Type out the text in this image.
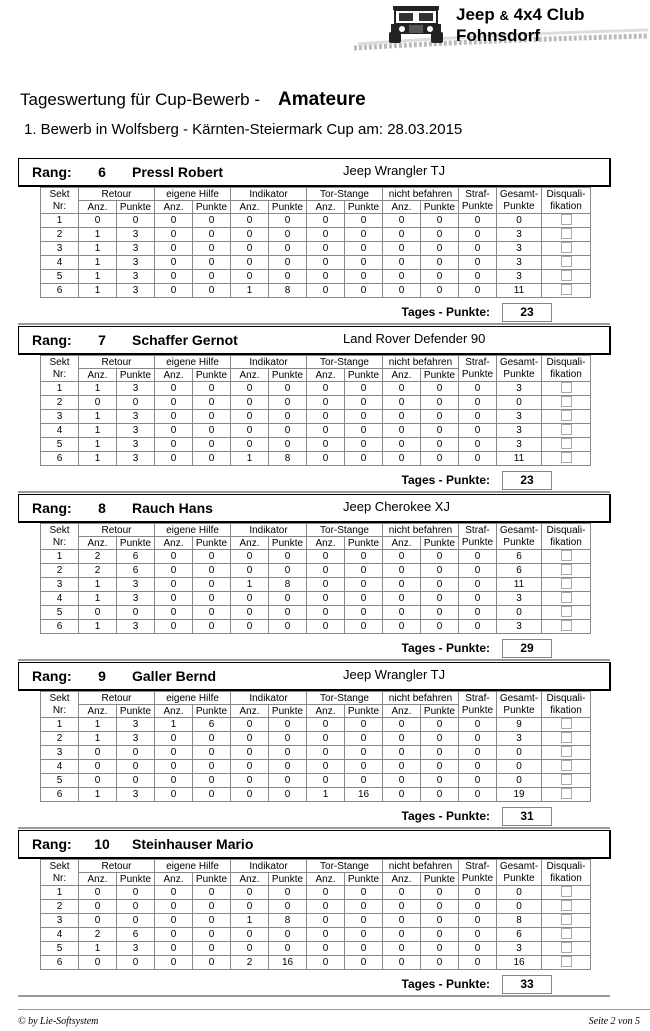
Jeep & 4x4 Club
Fohnsdorf
Tageswertung für Cup-Bewerb - Amateure
1. Bewerb in Wolfsberg - Kärnten-Steiermark Cup am: 28.03.2015
Rang:	6	Pressl Robert	Jeep Wrangler TJ
Sekt	Retour		eigene Hilfe		Indikator		Tor-Stange		nicht befahren		Straf-	Gesamt-	Disquali-
Nr:	Anz.	Punkte	Anz.	Punkte	Anz.	Punkte	Anz.	Punkte	Anz.	Punkte	Punkte	Punkte	fikation
1	0	0	0	0	0	0	0	0	0	0	0	0	
2	1	3	0	0	0	0	0	0	0	0	0	3	
3	1	3	0	0	0	0	0	0	0	0	0	3	
4	1	3	0	0	0	0	0	0	0	0	0	3	
5	1	3	0	0	0	0	0	0	0	0	0	3	
6	1	3	0	0	1	8	0	0	0	0	0	11	
Tages - Punkte:	23
Rang:	7	Schaffer Gernot	Land Rover Defender 90
Sekt	Retour		eigene Hilfe		Indikator		Tor-Stange		nicht befahren		Straf-	Gesamt-	Disquali-
Nr:	Anz.	Punkte	Anz.	Punkte	Anz.	Punkte	Anz.	Punkte	Anz.	Punkte	Punkte	Punkte	fikation
1	1	3	0	0	0	0	0	0	0	0	0	3	
2	0	0	0	0	0	0	0	0	0	0	0	0	
3	1	3	0	0	0	0	0	0	0	0	0	3	
4	1	3	0	0	0	0	0	0	0	0	0	3	
5	1	3	0	0	0	0	0	0	0	0	0	3	
6	1	3	0	0	1	8	0	0	0	0	0	11	
Tages - Punkte:	23
Rang:	8	Rauch Hans	Jeep Cherokee XJ
Sekt	Retour		eigene Hilfe		Indikator		Tor-Stange		nicht befahren		Straf-	Gesamt-	Disquali-
Nr:	Anz.	Punkte	Anz.	Punkte	Anz.	Punkte	Anz.	Punkte	Anz.	Punkte	Punkte	Punkte	fikation
1	2	6	0	0	0	0	0	0	0	0	0	6	
2	2	6	0	0	0	0	0	0	0	0	0	6	
3	1	3	0	0	1	8	0	0	0	0	0	11	
4	1	3	0	0	0	0	0	0	0	0	0	3	
5	0	0	0	0	0	0	0	0	0	0	0	0	
6	1	3	0	0	0	0	0	0	0	0	0	3	
Tages - Punkte:	29
Rang:	9	Galler Bernd	Jeep Wrangler TJ
Sekt	Retour		eigene Hilfe		Indikator		Tor-Stange		nicht befahren		Straf-	Gesamt-	Disquali-
Nr:	Anz.	Punkte	Anz.	Punkte	Anz.	Punkte	Anz.	Punkte	Anz.	Punkte	Punkte	Punkte	fikation
1	1	3	1	6	0	0	0	0	0	0	0	9	
2	1	3	0	0	0	0	0	0	0	0	0	3	
3	0	0	0	0	0	0	0	0	0	0	0	0	
4	0	0	0	0	0	0	0	0	0	0	0	0	
5	0	0	0	0	0	0	0	0	0	0	0	0	
6	1	3	0	0	0	0	1	16	0	0	0	19	
Tages - Punkte:	31
Rang: 10 Steinhauser Mario
Sekt	Retour		eigene Hilfe		Indikator		Tor-Stange		nicht befahren		Straf-	Gesamt-	Disquali-
Nr:	Anz.	Punkte	Anz.	Punkte	Anz.	Punkte	Anz.	Punkte	Anz.	Punkte	Punkte	Punkte	fikation
1	0	0	0	0	0	0	0	0	0	0	0	0	
2	0	0	0	0	0	0	0	0	0	0	0	0	
3	0	0	0	0	1	8	0	0	0	0	0	8	
4	2	6	0	0	0	0	0	0	0	0	0	6	
5	1	3	0	0	0	0	0	0	0	0	0	3	
6	0	0	0	0	2	16	0	0	0	0	0	16	
Tages - Punkte:	33
© by Lie-Softsystem	Seite 2 von 5
